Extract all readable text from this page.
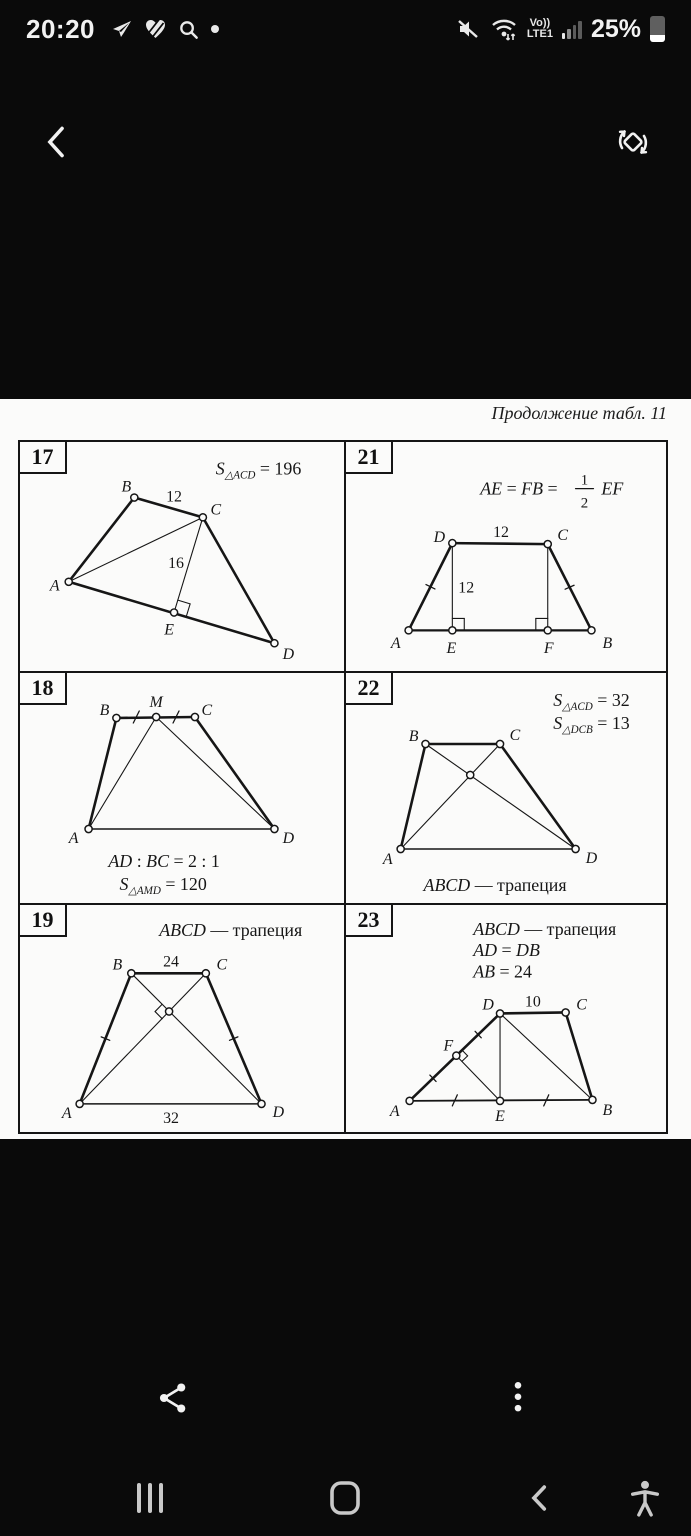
20:20	Vo))
LTE1 25%
Продолжение табл. 11
17	$S_{\triangle ACD} = 196$
B
12
C
16
A
E
D
21
AE = FB = 1
2
EF
D	12	C
12
A	E	F	B
18
B	M C
A	D
AD : BC = 2 : 1
$S_{\triangle AMD} = 120$
22	$S_{\triangle ACD} = 32$
$S_{\triangle DCB} = 13$
B	C
A	D
ABCD — трапеция
19	ABCD — трапеция
B	24 C
A	32	D
23	ABCD — трапеция
AD = DB
AB = 24
D 10 C
F
A	E	B
